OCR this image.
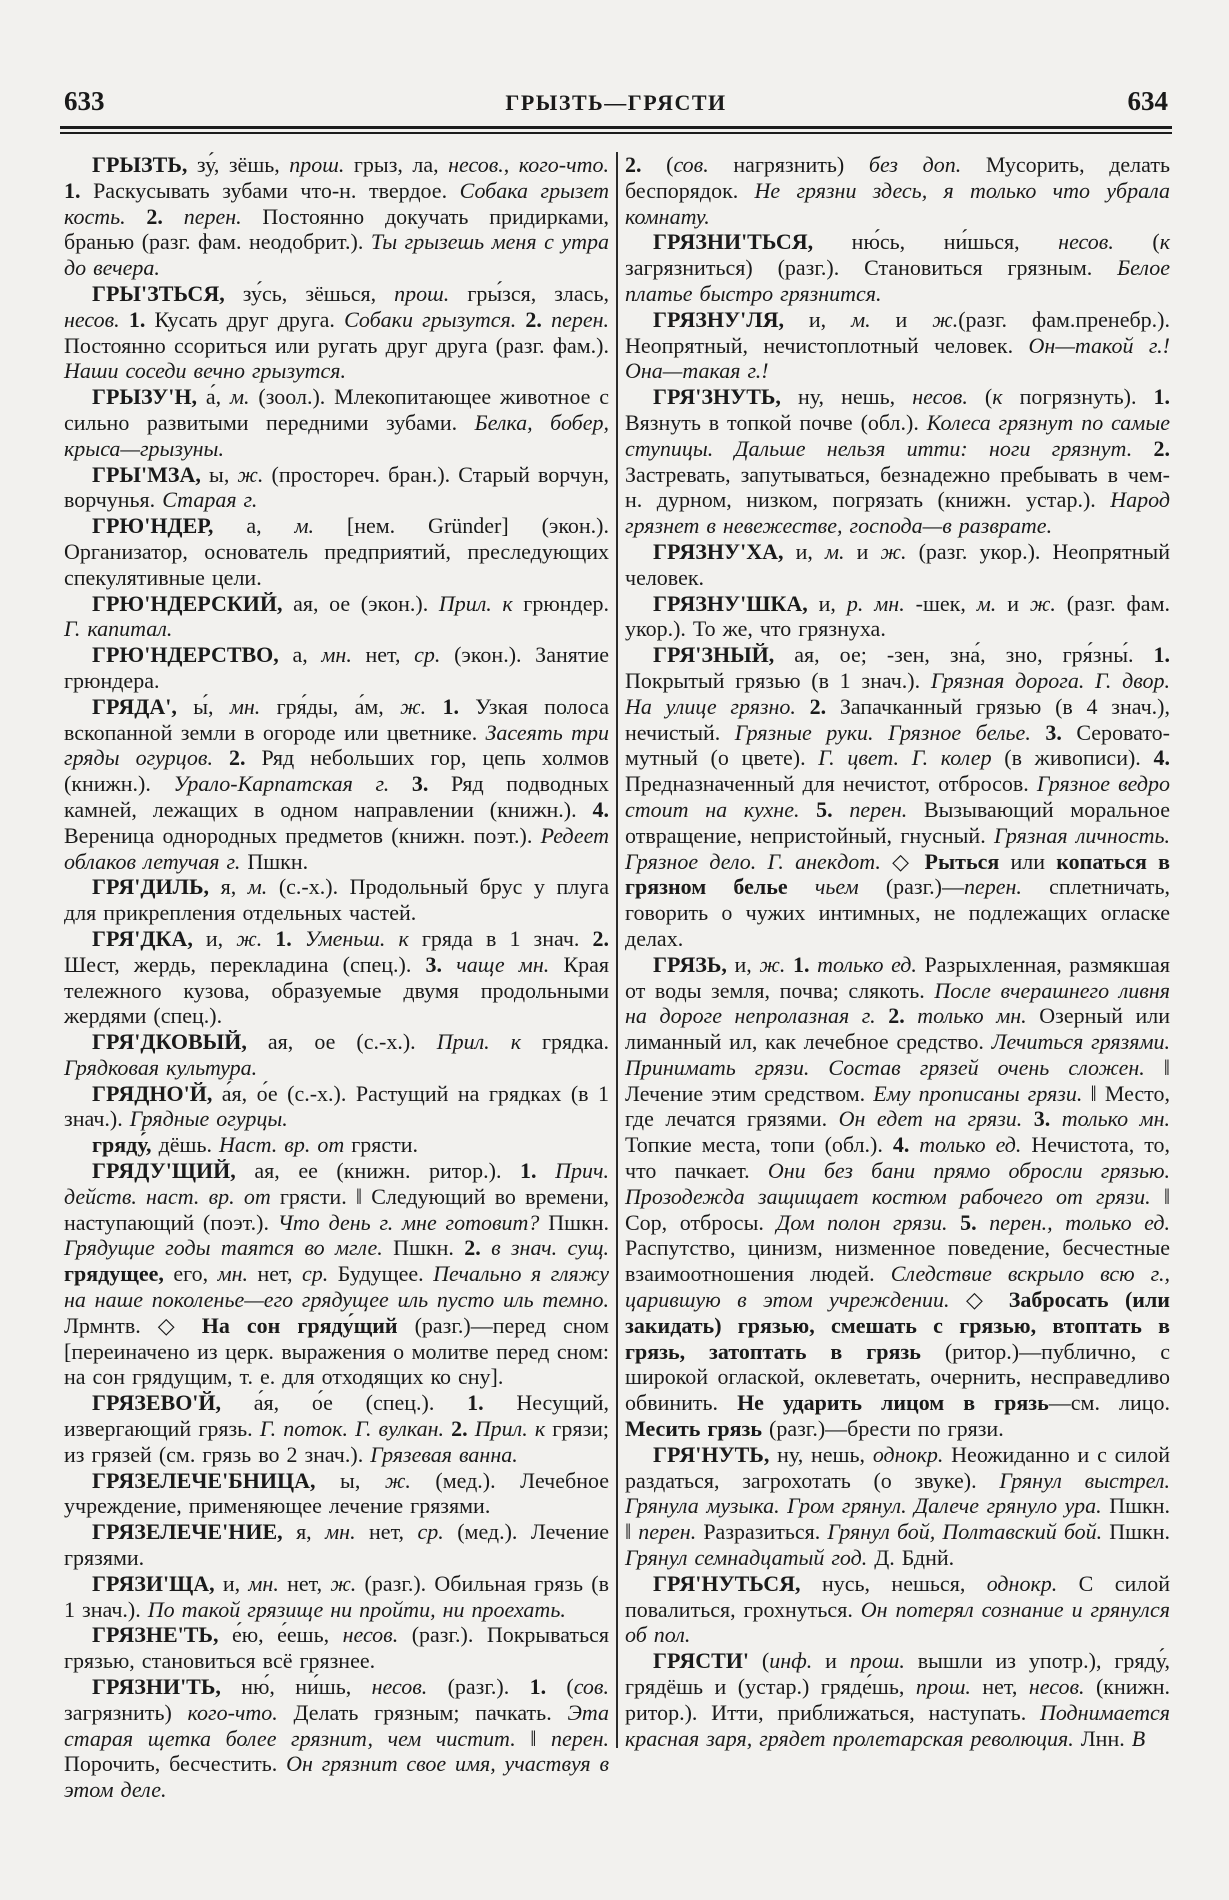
633	ГРЫЗТЬ—ГРЯСТИ	634

ГРЫЗТЬ, зу́, зёшь, прош. грыз, ла, несов., кого-что. 1. Раскусывать зубами что-н. твердое. Собака грызет кость. 2. перен. Постоянно докучать придирками, бранью (разг. фам. неодобрит.). Ты грызешь меня с утра до вечера.

ГРЫ'ЗТЬСЯ, зу́сь, зёшься, прош. гры́зся, злась, несов. 1. Кусать друг друга. Собаки грызутся. 2. перен. Постоянно ссориться или ругать друг друга (разг. фам.). Наши соседи вечно грызутся.

ГРЫЗУ'Н, а́, м. (зоол.). Млекопитающее животное с сильно развитыми передними зубами. Белка, бобер, крыса—грызуны.

ГРЫ'МЗА, ы, ж. (простореч. бран.). Старый ворчун, ворчунья. Старая г.

ГРЮ'НДЕР, а, м. [нем. Gründer] (экон.). Организатор, основатель предприятий, преследующих спекулятивные цели.

ГРЮ'НДЕРСКИЙ, ая, ое (экон.). Прил. к грюндер. Г. капитал.

ГРЮ'НДЕРСТВО, а, мн. нет, ср. (экон.). Занятие грюндера.

ГРЯДА', ы́, мн. гря́ды, а́м, ж. 1. Узкая полоса вскопанной земли в огороде или цветнике. Засеять три гряды огурцов. 2. Ряд небольших гор, цепь холмов (книжн.). Урало-Карпатская г. 3. Ряд подводных камней, лежащих в одном направлении (книжн.). 4. Вереница однородных предметов (книжн. поэт.). Редеет облаков летучая г. Пшкн.

ГРЯ'ДИЛЬ, я, м. (с.-х.). Продольный брус у плуга для прикрепления отдельных частей.

ГРЯ'ДКА, и, ж. 1. Уменьш. к гряда в 1 знач. 2. Шест, жердь, перекладина (спец.). 3. чаще мн. Края тележного кузова, образуемые двумя продольными жердями (спец.).

ГРЯ'ДКОВЫЙ, ая, ое (с.-х.). Прил. к грядка. Грядковая культура.

ГРЯДНО'Й, а́я, о́е (с.-х.). Растущий на грядках (в 1 знач.). Грядные огурцы.

гряду́, дёшь. Наст. вр. от грясти.

ГРЯДУ'ЩИЙ, ая, ее (книжн. ритор.). 1. Прич. действ. наст. вр. от грясти. ‖ Следующий во времени, наступающий (поэт.). Что день г. мне готовит? Пшкн. Грядущие годы таятся во мгле. Пшкн. 2. в знач. сущ. грядущее, его, мн. нет, ср. Будущее. Печально я гляжу на наше поколенье—его грядущее иль пусто иль темно. Лрмнтв. ◇ На сон гряду́щий (разг.)—перед сном [переиначено из церк. выражения о молитве перед сном: на сон грядущим, т. е. для отходящих ко сну].

ГРЯЗЕВО'Й, а́я, о́е (спец.). 1. Несущий, извергающий грязь. Г. поток. Г. вулкан. 2. Прил. к грязи; из грязей (см. грязь во 2 знач.). Грязевая ванна.

ГРЯЗЕЛЕЧЕ'БНИЦА, ы, ж. (мед.). Лечебное учреждение, применяющее лечение грязями.

ГРЯЗЕЛЕЧЕ'НИЕ, я, мн. нет, ср. (мед.). Лечение грязями.

ГРЯЗИ'ЩА, и, мн. нет, ж. (разг.). Обильная грязь (в 1 знач.). По такой грязище ни пройти, ни проехать.

ГРЯЗНЕ'ТЬ, е́ю, е́ешь, несов. (разг.). Покрываться грязью, становиться всё грязнее.

ГРЯЗНИ'ТЬ, ню́, ни́шь, несов. (разг.). 1. (сов. загрязнить) кого-что. Делать грязным; пачкать. Эта старая щетка более грязнит, чем чистит. ‖ перен. Порочить, бесчестить. Он грязнит свое имя, участвуя в этом деле.

2. (сов. нагрязнить) без доп. Мусорить, делать беспорядок. Не грязни здесь, я только что убрала комнату.

ГРЯЗНИ'ТЬСЯ, ню́сь, ни́шься, несов. (к загрязниться) (разг.). Становиться грязным. Белое платье быстро грязнится.

ГРЯЗНУ'ЛЯ, и, м. и ж.(разг. фам.пренебр.). Неопрятный, нечистоплотный человек. Он—такой г.! Она—такая г.!

ГРЯ'ЗНУТЬ, ну, нешь, несов. (к погрязнуть). 1. Вязнуть в топкой почве (обл.). Колеса грязнут по самые ступицы. Дальше нельзя итти: ноги грязнут. 2. Застревать, запутываться, безнадежно пребывать в чем-н. дурном, низком, погрязать (книжн. устар.). Народ грязнет в невежестве, господа—в разврате.

ГРЯЗНУ'ХА, и, м. и ж. (разг. укор.). Неопрятный человек.

ГРЯЗНУ'ШКА, и, р. мн. -шек, м. и ж. (разг. фам. укор.). То же, что грязнуха.

ГРЯ'ЗНЫЙ, ая, ое; -зен, зна́, зно, гря́зны́. 1. Покрытый грязью (в 1 знач.). Грязная дорога. Г. двор. На улице грязно. 2. Запачканный грязью (в 4 знач.), нечистый. Грязные руки. Грязное белье. 3. Серовато-мутный (о цвете). Г. цвет. Г. колер (в живописи). 4. Предназначенный для нечистот, отбросов. Грязное ведро стоит на кухне. 5. перен. Вызывающий моральное отвращение, непристойный, гнусный. Грязная личность. Грязное дело. Г. анекдот. ◇ Рыться или копаться в грязном белье чьем (разг.)—перен. сплетничать, говорить о чужих интимных, не подлежащих огласке делах.

ГРЯЗЬ, и, ж. 1. только ед. Разрыхленная, размякшая от воды земля, почва; слякоть. После вчерашнего ливня на дороге непролазная г. 2. только мн. Озерный или лиманный ил, как лечебное средство. Лечиться грязями. Принимать грязи. Состав грязей очень сложен. ‖ Лечение этим средством. Ему прописаны грязи. ‖ Место, где лечатся грязями. Он едет на грязи. 3. только мн. Топкие места, топи (обл.). 4. только ед. Нечистота, то, что пачкает. Они без бани прямо обросли грязью. Прозодежда защищает костюм рабочего от грязи. ‖ Сор, отбросы. Дом полон грязи. 5. перен., только ед. Распутство, цинизм, низменное поведение, бесчестные взаимоотношения людей. Следствие вскрыло всю г., царившую в этом учреждении. ◇ Забросать (или закидать) грязью, смешать с грязью, втоптать в грязь, затоптать в грязь (ритор.)—публично, с широкой оглаской, оклеветать, очернить, несправедливо обвинить. Не ударить лицом в грязь—см. лицо. Месить грязь (разг.)—брести по грязи.

ГРЯ'НУТЬ, ну, нешь, однокр. Неожиданно и с силой раздаться, загрохотать (о звуке). Грянул выстрел. Грянула музыка. Гром грянул. Далече грянуло ура. Пшкн. ‖ перен. Разразиться. Грянул бой, Полтавский бой. Пшкн. Грянул семнадцатый год. Д. Бднй.

ГРЯ'НУТЬСЯ, нусь, нешься, однокр. С силой повалиться, грохнуться. Он потерял сознание и грянулся об пол.

ГРЯСТИ' (инф. и прош. вышли из употр.), гряду́, грядёшь и (устар.) гряде́шь, прош. нет, несов. (книжн. ритор.). Итти, приближаться, наступать. Поднимается красная заря, грядет пролетарская революция. Лнн. В
